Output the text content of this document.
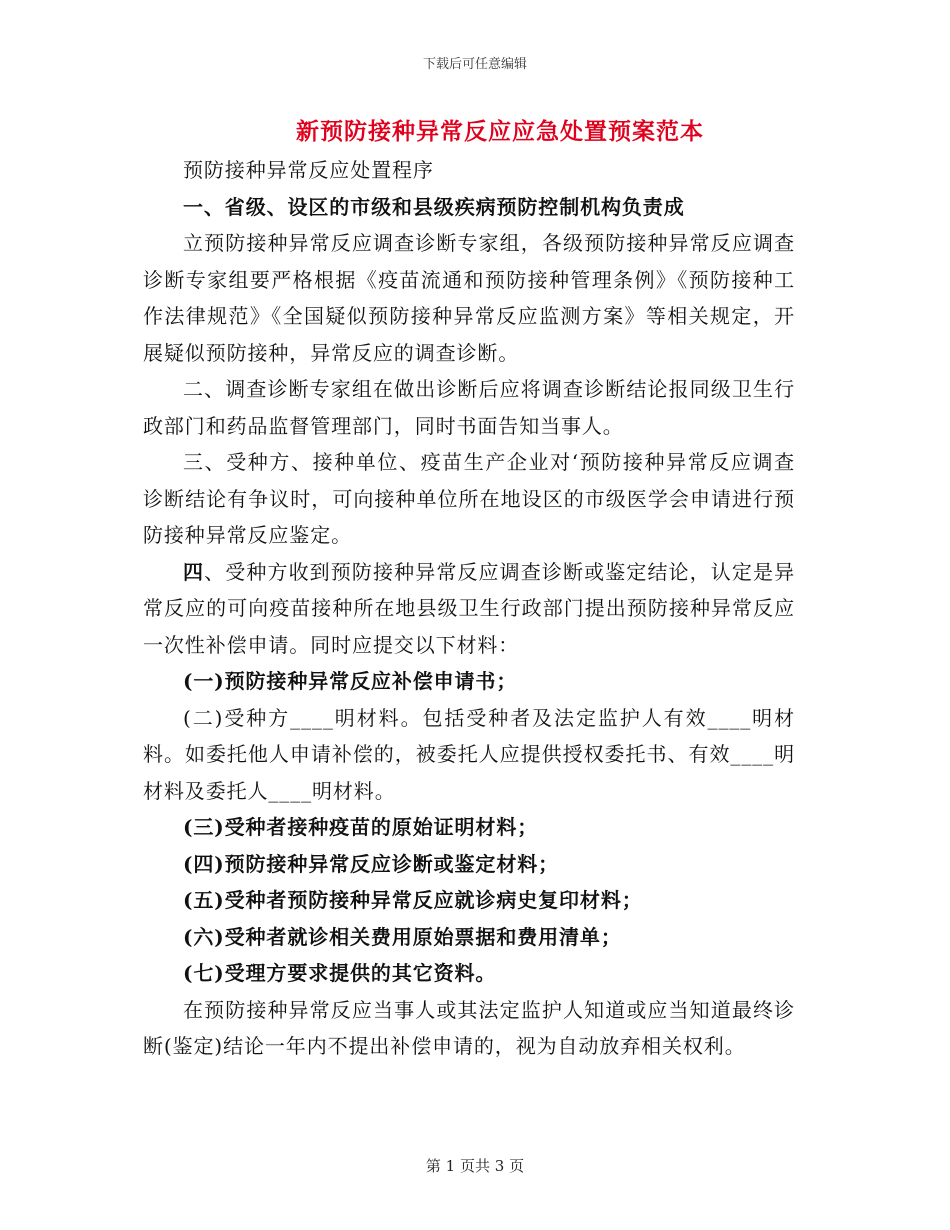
下载后可任意编辑
新预防接种异常反应应急处置预案范本

预防接种异常反应处置程序

一、省级、设区的市级和县级疾病预防控制机构负责成

立预防接种异常反应调查诊断专家组，各级预防接种异常反应调查诊断专家组要严格根据《疫苗流通和预防接种管理条例》《预防接种工作法律规范》《全国疑似预防接种异常反应监测方案》等相关规定，开展疑似预防接种，异常反应的调查诊断。

二、调查诊断专家组在做出诊断后应将调查诊断结论报同级卫生行政部门和药品监督管理部门，同时书面告知当事人。

三、受种方、接种单位、疫苗生产企业对‘预防接种异常反应调查诊断结论有争议时，可向接种单位所在地设区的市级医学会申请进行预防接种异常反应鉴定。

四、受种方收到预防接种异常反应调查诊断或鉴定结论，认定是异常反应的可向疫苗接种所在地县级卫生行政部门提出预防接种异常反应一次性补偿申请。同时应提交以下材料：

(一)预防接种异常反应补偿申请书；

(二)受种方____明材料。包括受种者及法定监护人有效____明材料。如委托他人申请补偿的，被委托人应提供授权委托书、有效____明材料及委托人____明材料。

(三)受种者接种疫苗的原始证明材料；

(四)预防接种异常反应诊断或鉴定材料；

(五)受种者预防接种异常反应就诊病史复印材料；

(六)受种者就诊相关费用原始票据和费用清单；

(七)受理方要求提供的其它资料。

在预防接种异常反应当事人或其法定监护人知道或应当知道最终诊断(鉴定)结论一年内不提出补偿申请的，视为自动放弃相关权利。

第 1 页共 3 页
